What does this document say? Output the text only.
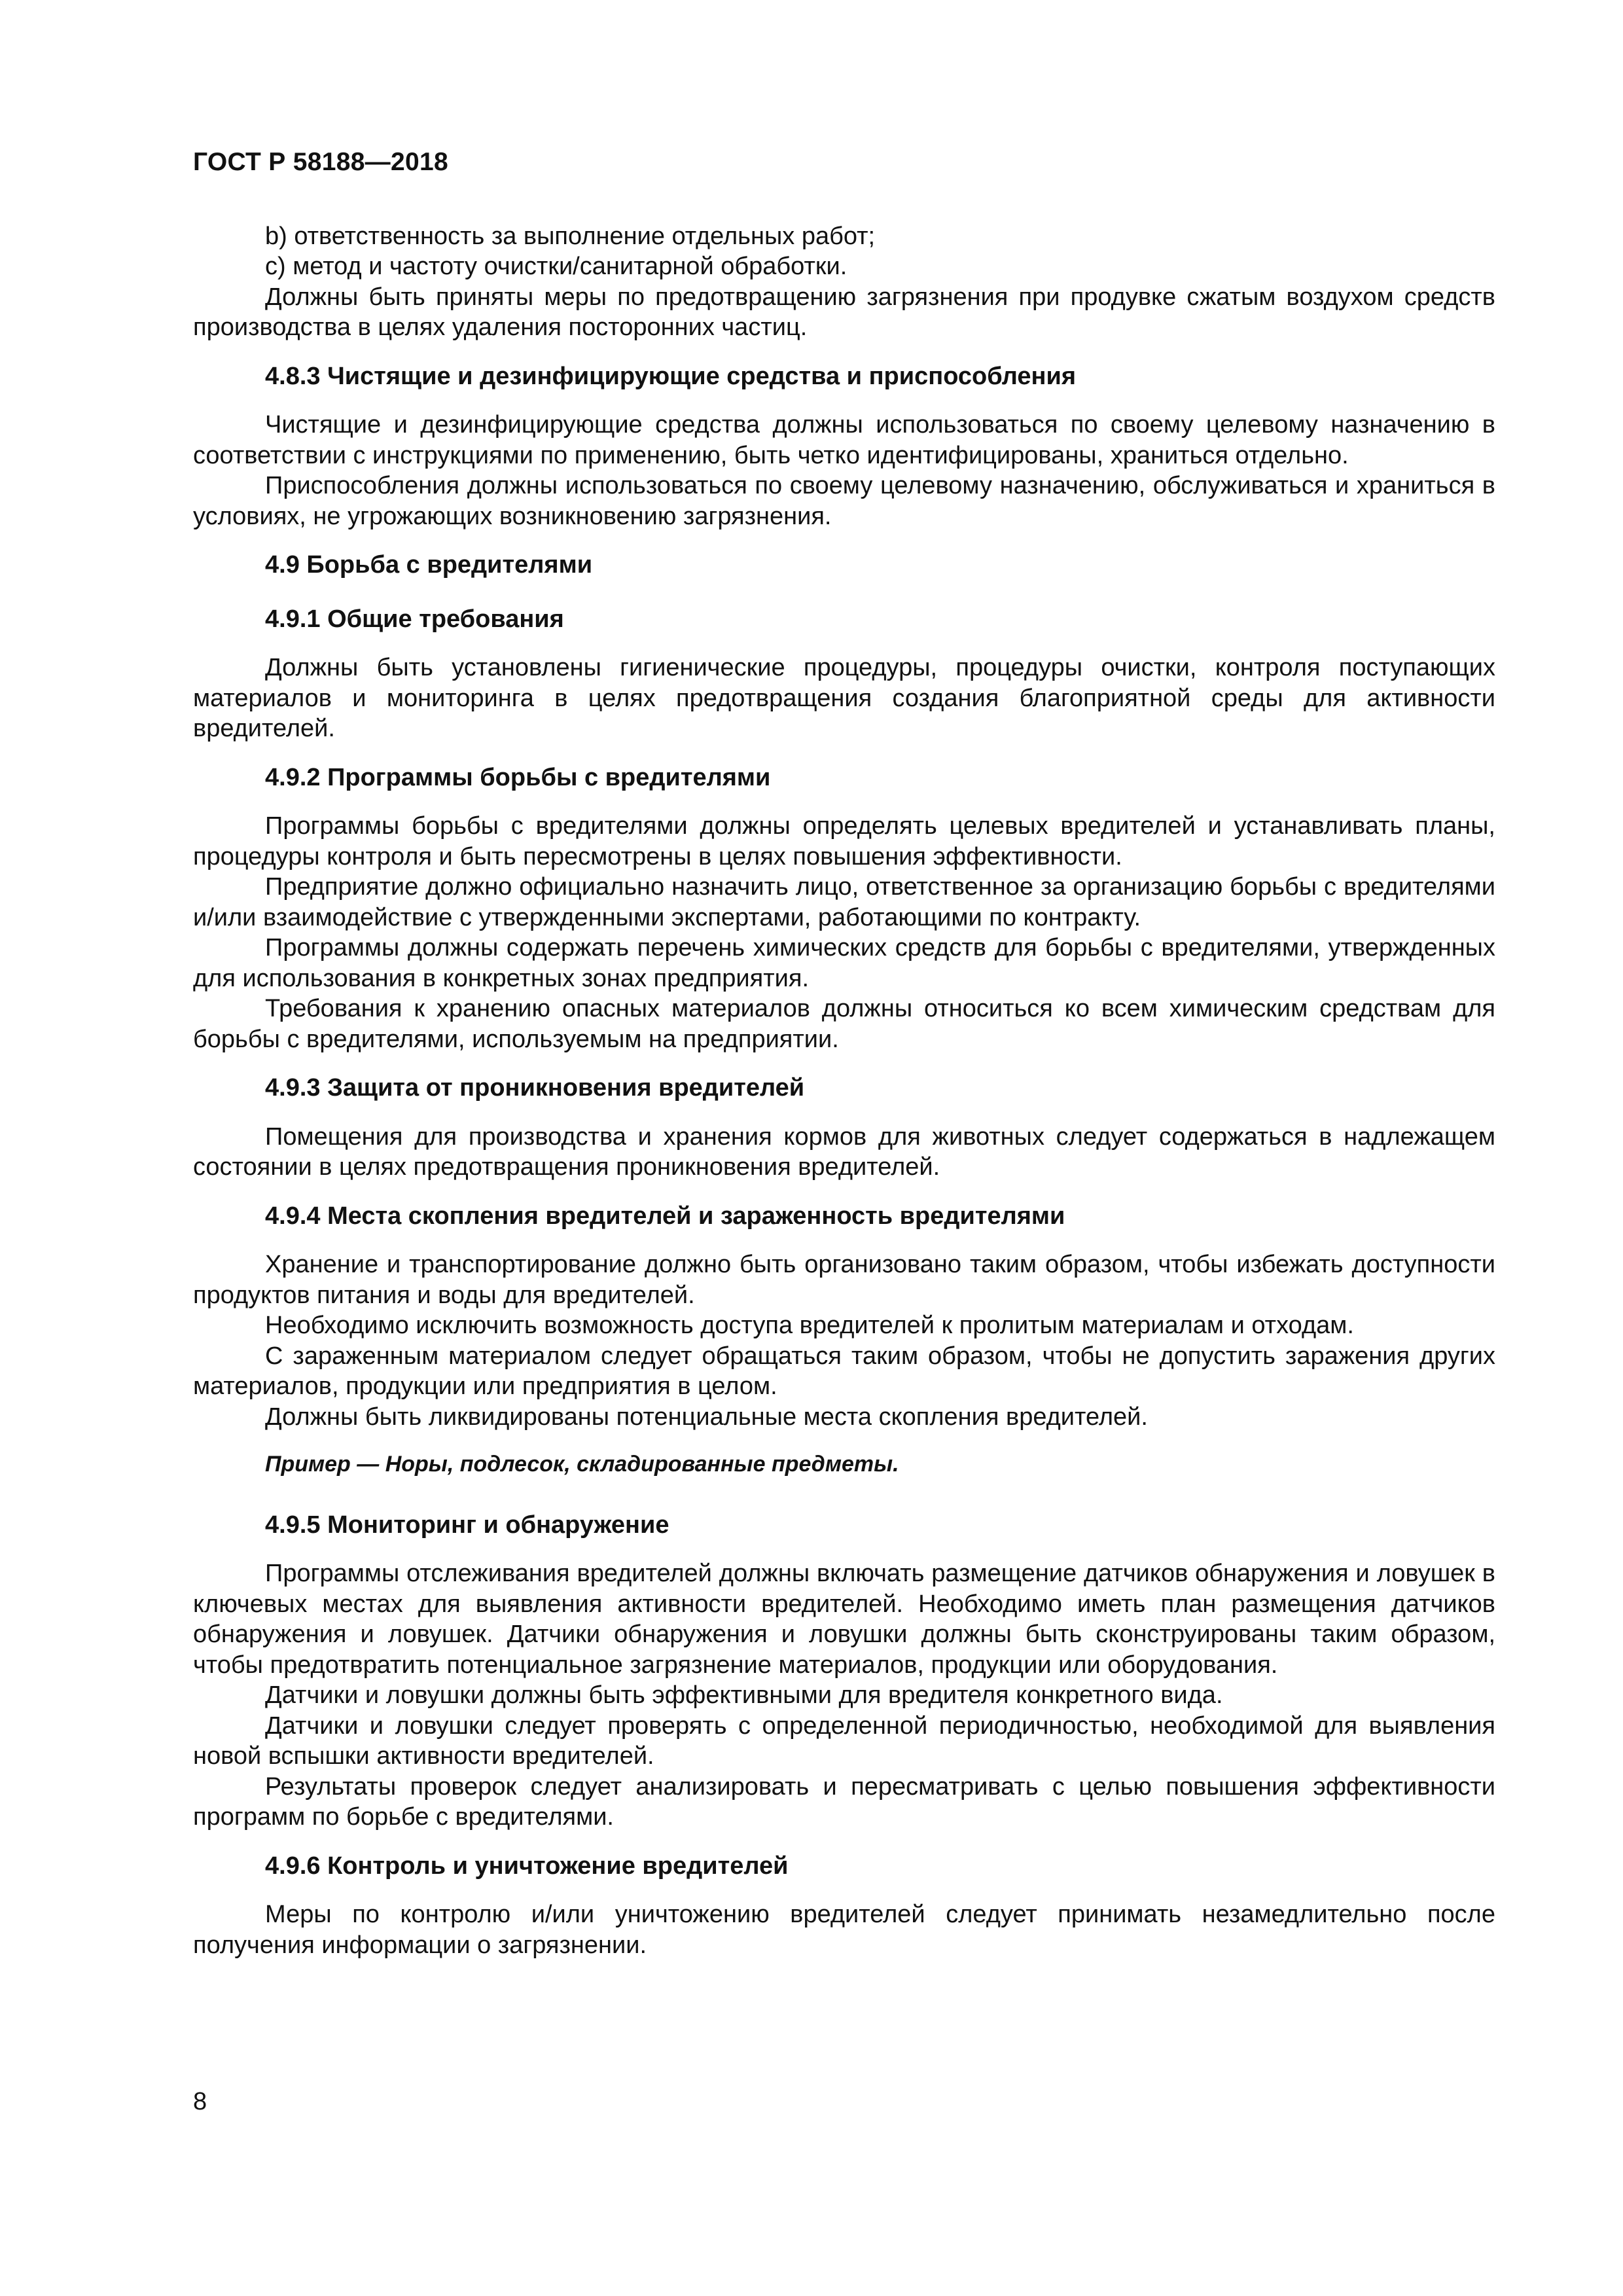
ГОСТ Р 58188—2018

b) ответственность за выполнение отдельных работ;

c) метод и частоту очистки/санитарной обработки.

Должны быть приняты меры по предотвращению загрязнения при продувке сжатым воздухом средств производства в целях удаления посторонних частиц.

4.8.3 Чистящие и дезинфицирующие средства и приспособления

Чистящие и дезинфицирующие средства должны использоваться по своему целевому назначению в соответствии с инструкциями по применению, быть четко идентифицированы, храниться отдельно.

Приспособления должны использоваться по своему целевому назначению, обслуживаться и храниться в условиях, не угрожающих возникновению загрязнения.

4.9 Борьба с вредителями

4.9.1 Общие требования

Должны быть установлены гигиенические процедуры, процедуры очистки, контроля поступающих материалов и мониторинга в целях предотвращения создания благоприятной среды для активности вредителей.

4.9.2 Программы борьбы с вредителями

Программы борьбы с вредителями должны определять целевых вредителей и устанавливать планы, процедуры контроля и быть пересмотрены в целях повышения эффективности.

Предприятие должно официально назначить лицо, ответственное за организацию борьбы с вредителями и/или взаимодействие с утвержденными экспертами, работающими по контракту.

Программы должны содержать перечень химических средств для борьбы с вредителями, утвержденных для использования в конкретных зонах предприятия.

Требования к хранению опасных материалов должны относиться ко всем химическим средствам для борьбы с вредителями, используемым на предприятии.

4.9.3 Защита от проникновения вредителей

Помещения для производства и хранения кормов для животных следует содержаться в надлежащем состоянии в целях предотвращения проникновения вредителей.

4.9.4 Места скопления вредителей и зараженность вредителями

Хранение и транспортирование должно быть организовано таким образом, чтобы избежать доступности продуктов питания и воды для вредителей.

Необходимо исключить возможность доступа вредителей к пролитым материалам и отходам.

С зараженным материалом следует обращаться таким образом, чтобы не допустить заражения других материалов, продукции или предприятия в целом.

Должны быть ликвидированы потенциальные места скопления вредителей.

Пример — Норы, подлесок, складированные предметы.

4.9.5 Мониторинг и обнаружение

Программы отслеживания вредителей должны включать размещение датчиков обнаружения и ловушек в ключевых местах для выявления активности вредителей. Необходимо иметь план размещения датчиков обнаружения и ловушек. Датчики обнаружения и ловушки должны быть сконструированы таким образом, чтобы предотвратить потенциальное загрязнение материалов, продукции или оборудования.

Датчики и ловушки должны быть эффективными для вредителя конкретного вида.

Датчики и ловушки следует проверять с определенной периодичностью, необходимой для выявления новой вспышки активности вредителей.

Результаты проверок следует анализировать и пересматривать с целью повышения эффективности программ по борьбе с вредителями.

4.9.6 Контроль и уничтожение вредителей

Меры по контролю и/или уничтожению вредителей следует принимать незамедлительно после получения информации о загрязнении.

8
